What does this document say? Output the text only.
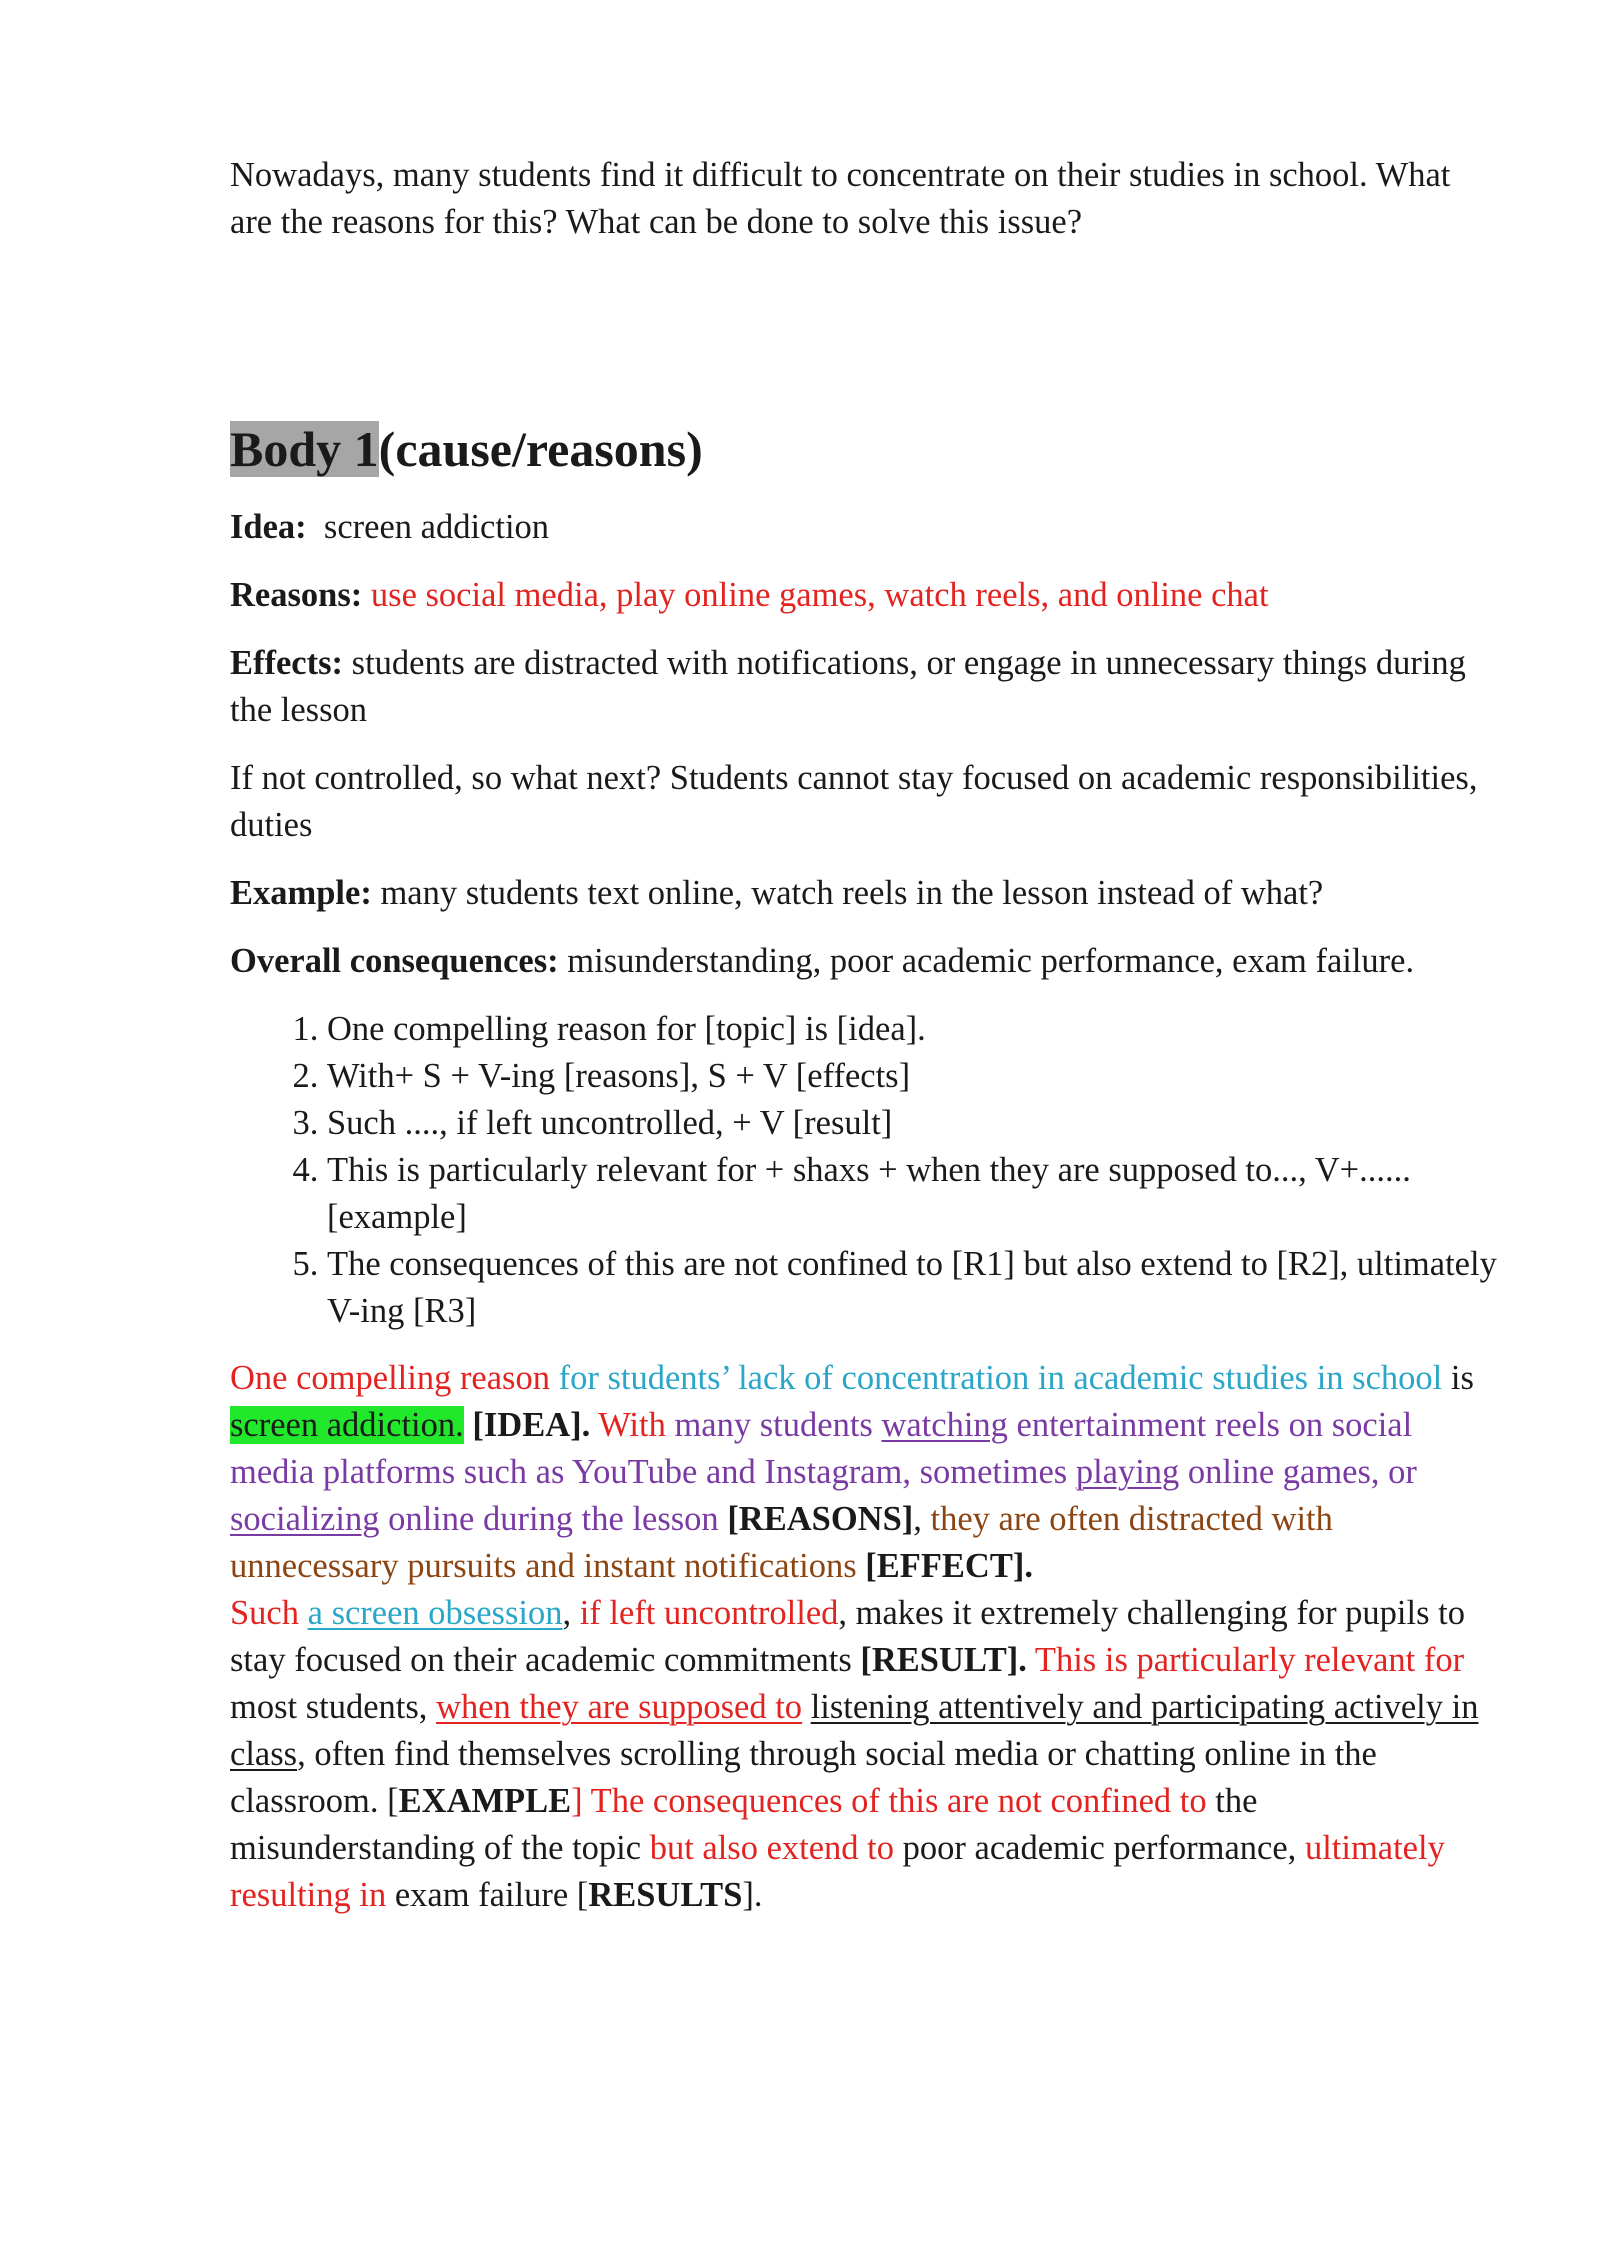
Nowadays, many students find it difficult to concentrate on their studies in school. What are the reasons for this? What can be done to solve this issue?

Body 1(cause/reasons)

Idea: screen addiction

Reasons: use social media, play online games, watch reels, and online chat

Effects: students are distracted with notifications, or engage in unnecessary things during the lesson

If not controlled, so what next? Students cannot stay focused on academic responsibilities, duties

Example: many students text online, watch reels in the lesson instead of what?

Overall consequences: misunderstanding, poor academic performance, exam failure.

1. One compelling reason for [topic] is [idea].
2. With+ S + V-ing [reasons], S + V [effects]
3. Such ...., if left uncontrolled, + V [result]
4. This is particularly relevant for + shaxs + when they are supposed to..., V+......[example]
5. The consequences of this are not confined to [R1] but also extend to [R2], ultimately V-ing [R3]

One compelling reason for students’ lack of concentration in academic studies in school is screen addiction. [IDEA]. With many students watching entertainment reels on social media platforms such as YouTube and Instagram, sometimes playing online games, or socializing online during the lesson [REASONS], they are often distracted with unnecessary pursuits and instant notifications [EFFECT].
Such a screen obsession, if left uncontrolled, makes it extremely challenging for pupils to stay focused on their academic commitments [RESULT]. This is particularly relevant for most students, when they are supposed to listening attentively and participating actively in class, often find themselves scrolling through social media or chatting online in the classroom. [EXAMPLE] The consequences of this are not confined to the misunderstanding of the topic but also extend to poor academic performance, ultimately resulting in exam failure [RESULTS].
